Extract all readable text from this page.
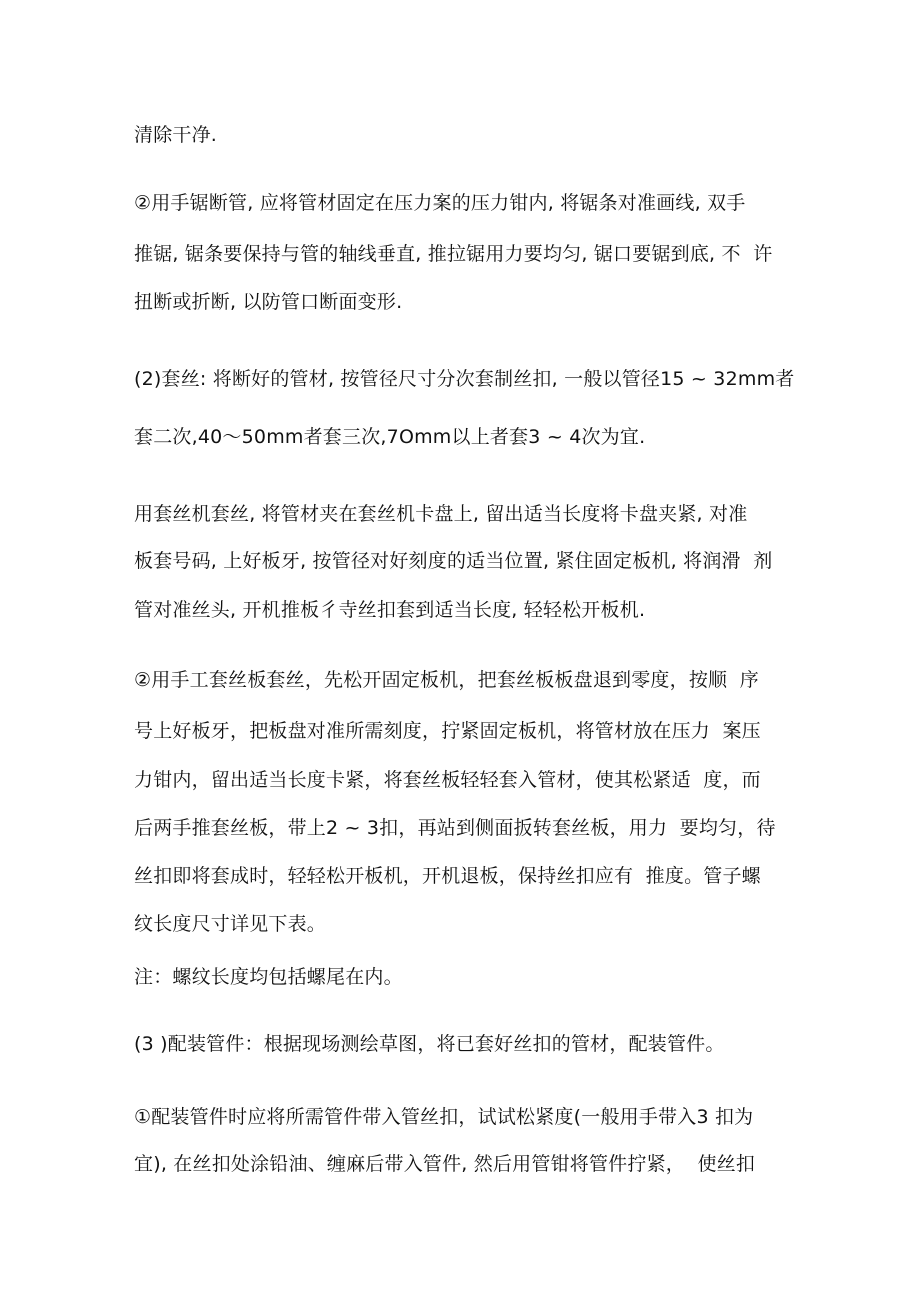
清除干净.
②用手锯断管, 应将管材固定在压力案的压力钳内, 将锯条对准画线, 双手
推锯, 锯条要保持与管的轴线垂直, 推拉锯用力要均匀, 锯口要锯到底, 不  许
扭断或折断, 以防管口断面变形.
(2)套丝: 将断好的管材, 按管径尺寸分次套制丝扣, 一般以管径15 ~ 32mm者
套二次,40～50mm者套三次,7Omm以上者套3 ~ 4次为宜.
用套丝机套丝, 将管材夹在套丝机卡盘上, 留出适当长度将卡盘夹紧, 对准
板套号码, 上好板牙, 按管径对好刻度的适当位置, 紧住固定板机, 将润滑  剂
管对准丝头, 开机推板彳寺丝扣套到适当长度, 轻轻松开板机.
②用手工套丝板套丝，先松开固定板机，把套丝板板盘退到零度，按顺  序
号上好板牙，把板盘对准所需刻度，拧紧固定板机，将管材放在压力  案压
力钳内，留出适当长度卡紧，将套丝板轻轻套入管材，使其松紧适  度，而
后两手推套丝板，带上2 ~ 3扣，再站到侧面扳转套丝板，用力  要均匀，待
丝扣即将套成时，轻轻松开板机，开机退板，保持丝扣应有  推度。管子螺
纹长度尺寸详见下表。
注：螺纹长度均包括螺尾在内。
(3 )配装管件：根据现场测绘草图，将已套好丝扣的管材，配装管件。
①配装管件时应将所需管件带入管丝扣，试试松紧度(一般用手带入3 扣为
宜), 在丝扣处涂铅油、缠麻后带入管件, 然后用管钳将管件拧紧，  使丝扣
